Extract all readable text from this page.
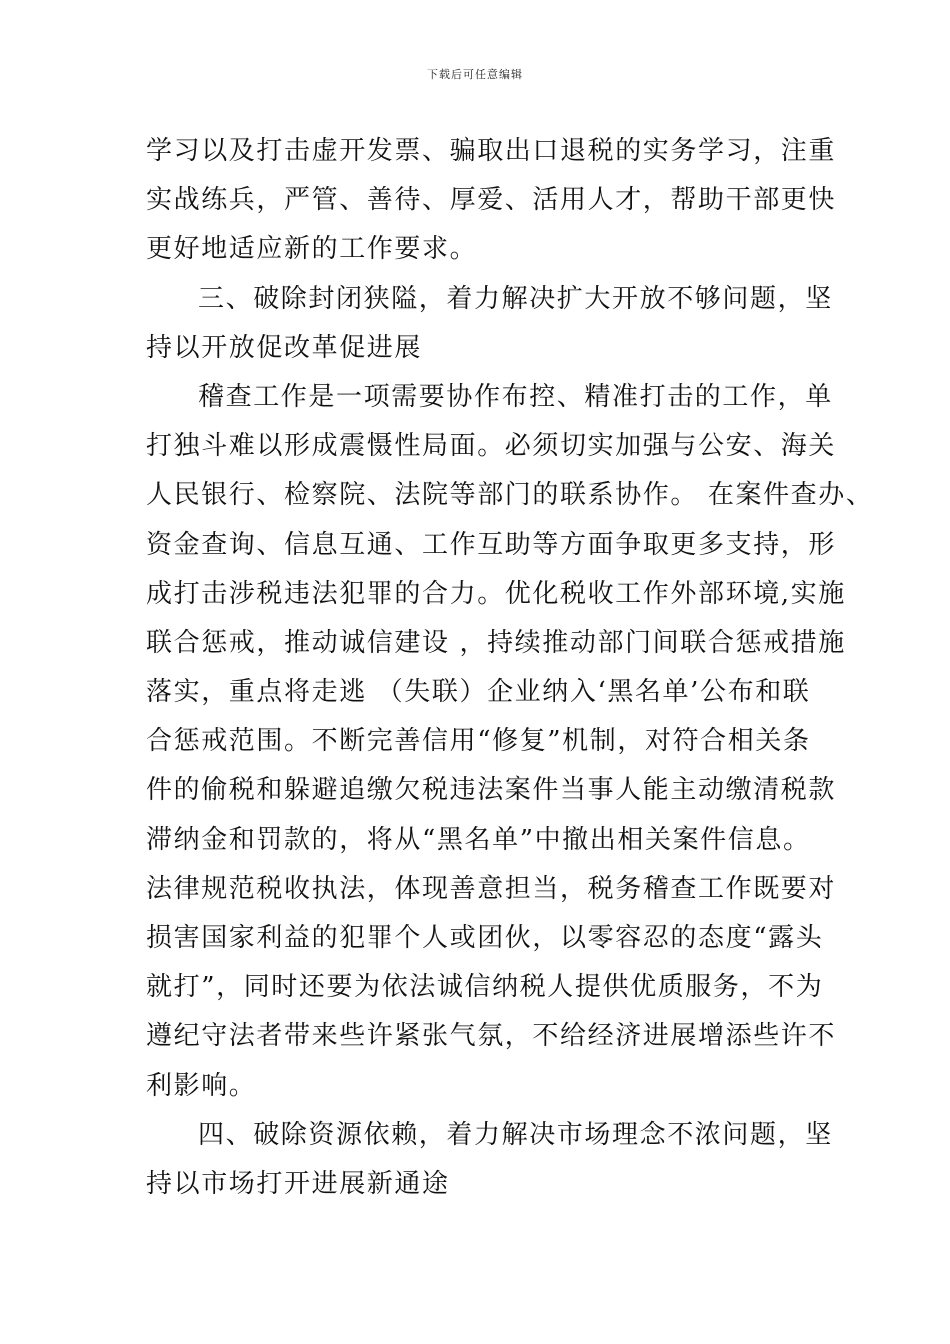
下载后可任意编辑
学习以及打击虚开发票、骗取出口退税的实务学习，注重
实战练兵，严管、善待、厚爱、活用人才，帮助干部更快
更好地适应新的工作要求。
三、破除封闭狭隘，着力解决扩大开放不够问题，坚
持以开放促改革促进展
稽查工作是一项需要协作布控、精准打击的工作，单
打独斗难以形成震慑性局面。必须切实加强与公安、海关
人民银行、检察院、法院等部门的联系协作。 在案件查办、
资金查询、信息互通、工作互助等方面争取更多支持，形
成打击涉税违法犯罪的合力。优化税收工作外部环境,实施
联合惩戒，推动诚信建设 ，持续推动部门间联合惩戒措施
落实，重点将走逃 （失联）企业纳入‘黑名单’公布和联
合惩戒范围。不断完善信用“修复”机制，对符合相关条
件的偷税和躲避追缴欠税违法案件当事人能主动缴清税款
滞纳金和罚款的，将从“黑名单”中撤出相关案件信息。
法律规范税收执法，体现善意担当，税务稽查工作既要对
损害国家利益的犯罪个人或团伙，以零容忍的态度“露头
就打”，同时还要为依法诚信纳税人提供优质服务，不为
遵纪守法者带来些许紧张气氛，不给经济进展增添些许不
利影响。
四、破除资源依赖，着力解决市场理念不浓问题，坚
持以市场打开进展新通途
